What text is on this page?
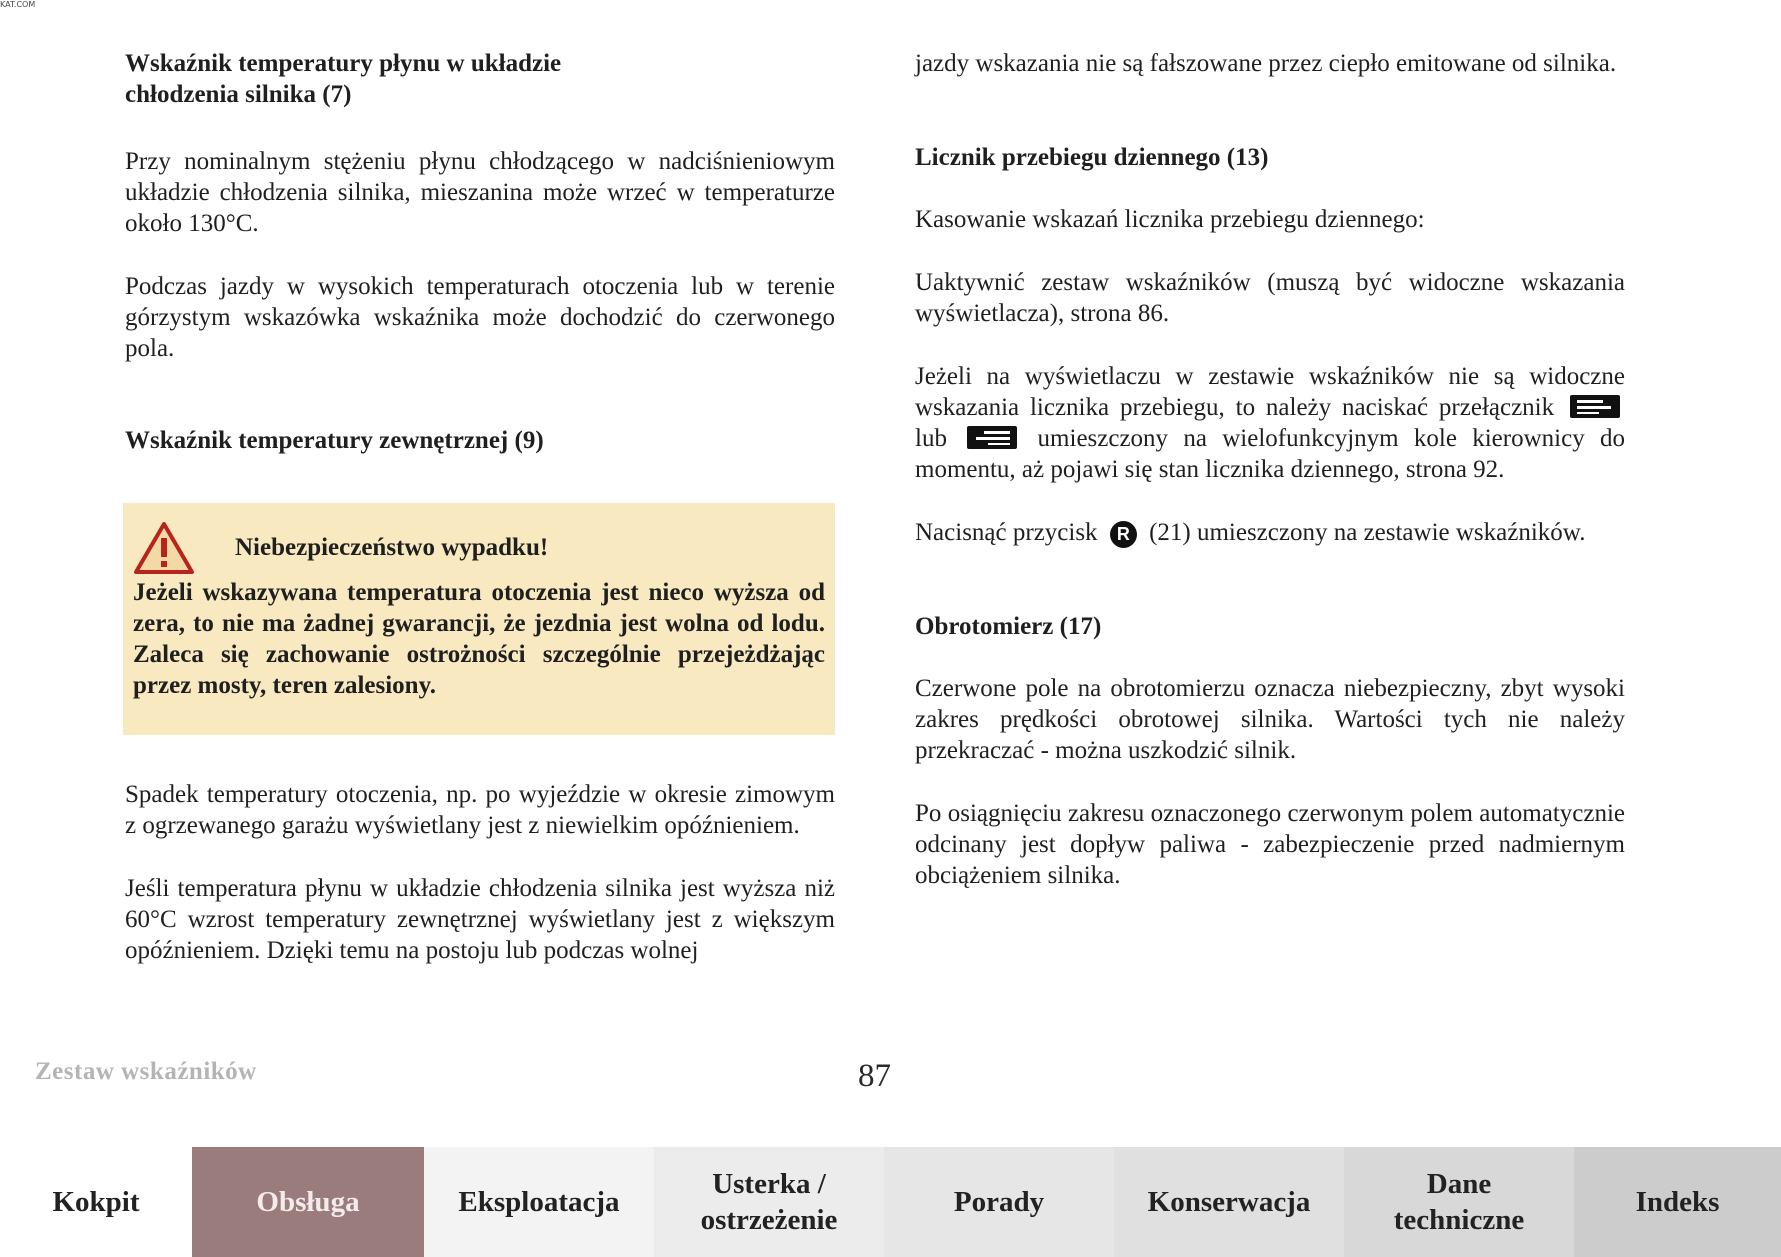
KAT.COM
Wskaźnik temperatury płynu w układzie
chłodzenia silnika (7)

Przy nominalnym stężeniu płynu chłodzącego w nadciśnieniowym układzie chłodzenia silnika, mieszanina może wrzeć w temperaturze około 130°C.

Podczas jazdy w wysokich temperaturach otoczenia lub w terenie górzystym wskazówka wskaźnika może dochodzić do czerwonego pola.

Wskaźnik temperatury zewnętrznej (9)
Niebezpieczeństwo wypadku!

Jeżeli wskazywana temperatura otoczenia jest nieco wyższa od zera, to nie ma żadnej gwarancji, że jezdnia jest wolna od lodu. Zaleca się zachowanie ostrożności szczególnie przejeżdżając przez mosty, teren zalesiony.

Spadek temperatury otoczenia, np. po wyjeździe w okresie zimowym z ogrzewanego garażu wyświetlany jest z niewielkim opóźnieniem.

Jeśli temperatura płynu w układzie chłodzenia silnika jest wyższa niż 60°C wzrost temperatury zewnętrznej wyświetlany jest z większym opóźnieniem. Dzięki temu na postoju lub podczas wolnej

jazdy wskazania nie są fałszowane przez ciepło emitowane od silnika.

Licznik przebiegu dziennego (13)

Kasowanie wskazań licznika przebiegu dziennego:

Uaktywnić zestaw wskaźników (muszą być widoczne wskazania wyświetlacza), strona 86.

Jeżeli na wyświetlaczu w zestawie wskaźników nie są widoczne wskazania licznika przebiegu, to należy naciskać przełącznik  lub	umieszczony na wielofunkcyjnym kole kierownicy do momentu, aż pojawi się stan licznika dziennego, strona 92.

Nacisnąć przycisk R (21) umieszczony na zestawie wskaźników.

Obrotomierz (17)

Czerwone pole na obrotomierzu oznacza niebezpieczny, zbyt wysoki zakres prędkości obrotowej silnika. Wartości tych nie należy przekraczać - można uszkodzić silnik.

Po osiągnięciu zakresu oznaczonego czerwonym polem automatycznie odcinany jest dopływ paliwa - zabezpieczenie przed nadmiernym obciążeniem silnika.

Zestaw wskaźników	87
Kokpit	Obsługa	Eksploatacja
Usterka /
ostrzeżenie
Porady	Konserwacja
Dane
techniczne
Indeks
